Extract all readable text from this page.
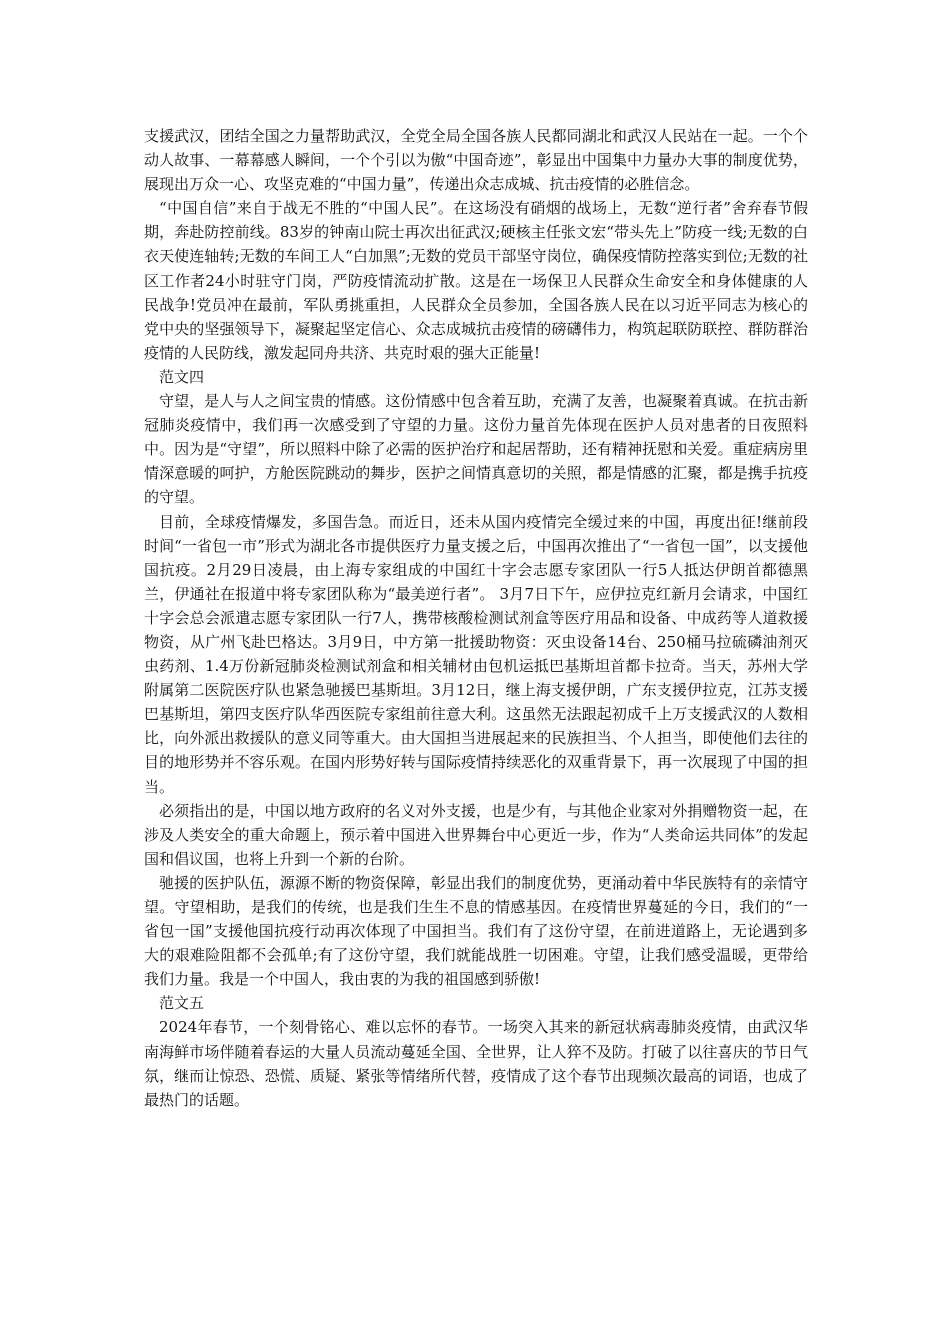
支援武汉，团结全国之力量帮助武汉，全党全局全国各族人民都同湖北和武汉人民站在一起。一个个动人故事、一幕幕感人瞬间，一个个引以为傲“中国奇迹”，彰显出中国集中力量办大事的制度优势，展现出万众一心、攻坚克难的“中国力量”，传递出众志成城、抗击疫情的必胜信念。

“中国自信”来自于战无不胜的“中国人民”。在这场没有硝烟的战场上，无数“逆行者”舍弃春节假期，奔赴防控前线。83岁的钟南山院士再次出征武汉;硬核主任张文宏“带头先上”防疫一线;无数的白衣天使连轴转;无数的车间工人“白加黑”;无数的党员干部坚守岗位，确保疫情防控落实到位;无数的社区工作者24小时驻守门岗，严防疫情流动扩散。这是在一场保卫人民群众生命安全和身体健康的人民战争!党员冲在最前，军队勇挑重担，人民群众全员参加，全国各族人民在以习近平同志为核心的党中央的坚强领导下，凝聚起坚定信心、众志成城抗击疫情的磅礴伟力，构筑起联防联控、群防群治疫情的人民防线，激发起同舟共济、共克时艰的强大正能量!

范文四

守望，是人与人之间宝贵的情感。这份情感中包含着互助，充满了友善，也凝聚着真诚。在抗击新冠肺炎疫情中，我们再一次感受到了守望的力量。这份力量首先体现在医护人员对患者的日夜照料中。因为是“守望”，所以照料中除了必需的医护治疗和起居帮助，还有精神抚慰和关爱。重症病房里情深意暖的呵护，方舱医院跳动的舞步，医护之间情真意切的关照，都是情感的汇聚，都是携手抗疫的守望。

目前，全球疫情爆发，多国告急。而近日，还未从国内疫情完全缓过来的中国，再度出征!继前段时间“一省包一市”形式为湖北各市提供医疗力量支援之后，中国再次推出了“一省包一国”，以支援他国抗疫。2月29日凌晨，由上海专家组成的中国红十字会志愿专家团队一行5人抵达伊朗首都德黑兰，伊通社在报道中将专家团队称为“最美逆行者”。 3月7日下午，应伊拉克红新月会请求，中国红十字会总会派遣志愿专家团队一行7人，携带核酸检测试剂盒等医疗用品和设备、中成药等人道救援物资，从广州飞赴巴格达。3月9日，中方第一批援助物资：灭虫设备14台、250桶马拉硫磷油剂灭虫药剂、1.4万份新冠肺炎检测试剂盒和相关辅材由包机运抵巴基斯坦首都卡拉奇。当天，苏州大学附属第二医院医疗队也紧急驰援巴基斯坦。3月12日，继上海支援伊朗，广东支援伊拉克，江苏支援巴基斯坦，第四支医疗队华西医院专家组前往意大利。这虽然无法跟起初成千上万支援武汉的人数相比，向外派出救援队的意义同等重大。由大国担当进展起来的民族担当、个人担当，即使他们去往的目的地形势并不容乐观。在国内形势好转与国际疫情持续恶化的双重背景下，再一次展现了中国的担当。

必须指出的是，中国以地方政府的名义对外支援，也是少有，与其他企业家对外捐赠物资一起，在涉及人类安全的重大命题上，预示着中国进入世界舞台中心更近一步，作为“人类命运共同体”的发起国和倡议国，也将上升到一个新的台阶。

驰援的医护队伍，源源不断的物资保障，彰显出我们的制度优势，更涌动着中华民族特有的亲情守望。守望相助，是我们的传统，也是我们生生不息的情感基因。在疫情世界蔓延的今日，我们的“一省包一国”支援他国抗疫行动再次体现了中国担当。我们有了这份守望，在前进道路上，无论遇到多大的艰难险阻都不会孤单;有了这份守望，我们就能战胜一切困难。守望，让我们感受温暖，更带给我们力量。我是一个中国人，我由衷的为我的祖国感到骄傲!

范文五

2024年春节，一个刻骨铭心、难以忘怀的春节。一场突入其来的新冠状病毒肺炎疫情，由武汉华南海鲜市场伴随着春运的大量人员流动蔓延全国、全世界，让人猝不及防。打破了以往喜庆的节日气氛，继而让惊恐、恐慌、质疑、紧张等情绪所代替，疫情成了这个春节出现频次最高的词语，也成了最热门的话题。
